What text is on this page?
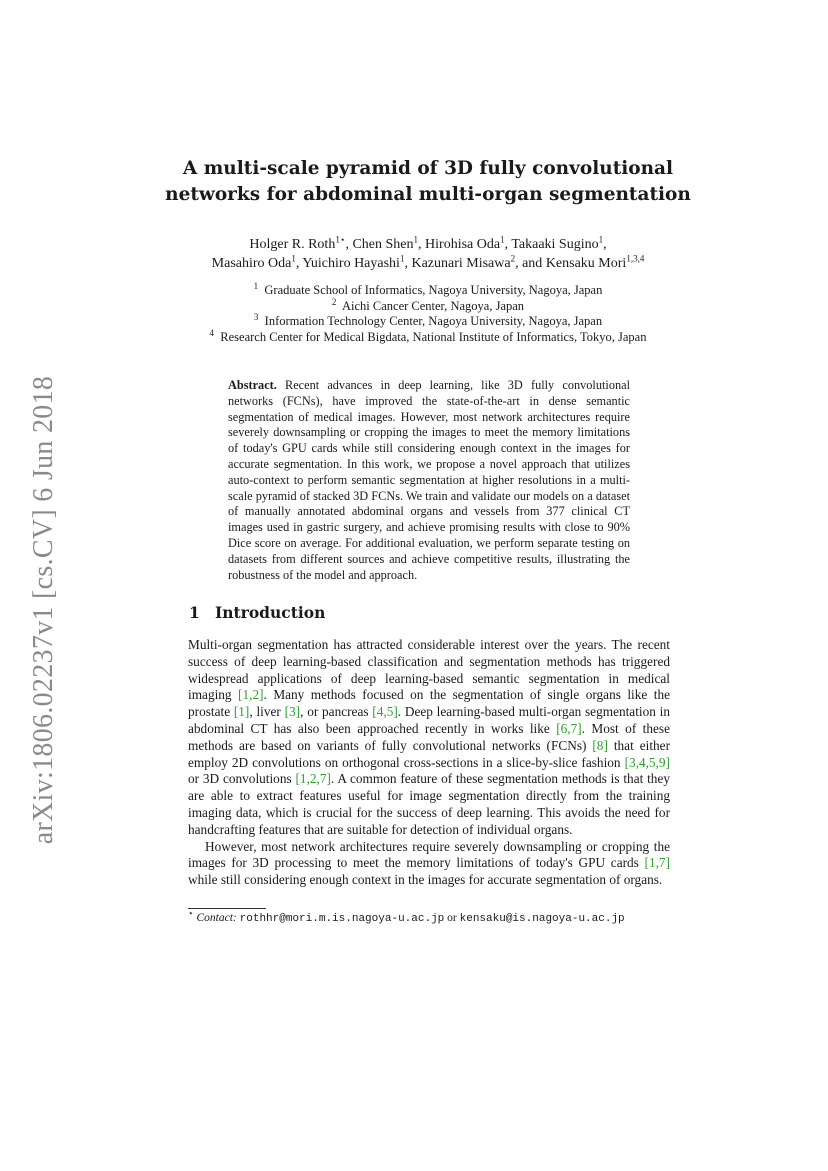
arXiv:1806.02237v1 [cs.CV] 6 Jun 2018
A multi-scale pyramid of 3D fully convolutional
networks for abdominal multi-organ segmentation
Holger R. Roth$^{1⋆}$, Chen Shen$^1$, Hirohisa Oda$^1$, Takaaki Sugino$^1$,
Masahiro Oda$^1$, Yuichiro Hayashi$^1$, Kazunari Misawa$^2$, and Kensaku Mori$^{1,3,4}$
$^1$ Graduate School of Informatics, Nagoya University, Nagoya, Japan
$^2$ Aichi Cancer Center, Nagoya, Japan
$^3$ Information Technology Center, Nagoya University, Nagoya, Japan
$^4$ Research Center for Medical Bigdata, National Institute of Informatics, Tokyo, Japan
Abstract. Recent advances in deep learning, like 3D fully convolutional networks (FCNs), have improved the state-of-the-art in dense semantic segmentation of medical images. However, most network architectures require severely downsampling or cropping the images to meet the memory limitations of today's GPU cards while still considering enough context in the images for accurate segmentation. In this work, we propose a novel approach that utilizes auto-context to perform semantic segmentation at higher resolutions in a multi-scale pyramid of stacked 3D FCNs. We train and validate our models on a dataset of manually annotated abdominal organs and vessels from 377 clinical CT images used in gastric surgery, and achieve promising results with close to 90% Dice score on average. For additional evaluation, we perform separate testing on datasets from different sources and achieve competitive results, illustrating the robustness of the model and approach.
1 Introduction

Multi-organ segmentation has attracted considerable interest over the years. The recent success of deep learning-based classification and segmentation methods has triggered widespread applications of deep learning-based semantic segmentation in medical imaging [1,2]. Many methods focused on the segmentation of single organs like the prostate [1], liver [3], or pancreas [4,5]. Deep learning-based multi-organ segmentation in abdominal CT has also been approached recently in works like [6,7]. Most of these methods are based on variants of fully convolutional networks (FCNs) [8] that either employ 2D convolutions on orthogonal cross-sections in a slice-by-slice fashion [3,4,5,9] or 3D convolutions [1,2,7]. A common feature of these segmentation methods is that they are able to extract features useful for image segmentation directly from the training imaging data, which is crucial for the success of deep learning. This avoids the need for handcrafting features that are suitable for detection of individual organs.

However, most network architectures require severely downsampling or cropping the images for 3D processing to meet the memory limitations of today's GPU cards [1,7] while still considering enough context in the images for accurate segmentation of organs.

⋆ Contact: rothhr@mori.m.is.nagoya-u.ac.jp or kensaku@is.nagoya-u.ac.jp
